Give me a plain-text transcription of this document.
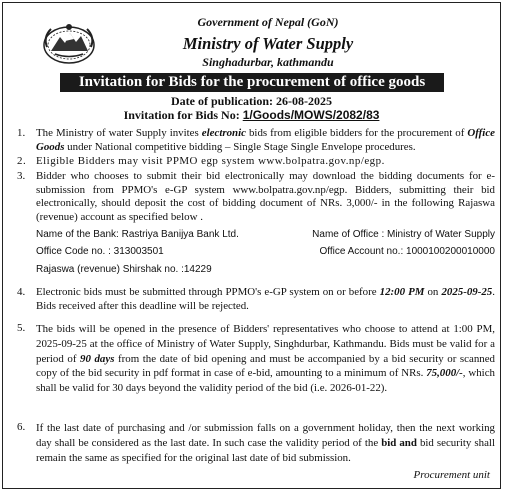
Government of Nepal (GoN)
Ministry of Water Supply
Singhadurbar, kathmandu
Invitation for Bids for the procurement of office goods
Date of publication: 26-08-2025
Invitation for Bids No: 1/Goods/MOWS/2082/83
1. The Ministry of water Supply invites electronic bids from eligible bidders for the procurement of Office Goods under National competitive bidding – Single Stage Single Envelope procedures.
2. Eligible Bidders may visit PPMO egp system www.bolpatra.gov.np/egp.
3. Bidder who chooses to submit their bid electronically may download the bidding documents for e-submission from PPMO's e-GP system www.bolpatra.gov.np/egp. Bidders, submitting their bid electronically, should deposit the cost of bidding document of NRs. 3,000/- in the following Rajaswa (revenue) account as specified below .
Name of the Bank: Rastriya Banijya Bank Ltd.	Name of Office : Ministry of Water Supply
Office Code no. : 313003501	Office Account no.: 1000100200010000
Rajaswa (revenue) Shirshak no. :14229
4. Electronic bids must be submitted through PPMO's e-GP system on or before 12:00 PM on 2025-09-25. Bids received after this deadline will be rejected.
5. The bids will be opened in the presence of Bidders' representatives who choose to attend at 1:00 PM, 2025-09-25 at the office of Ministry of Water Supply, Singhdurbar, Kathmandu. Bids must be valid for a period of 90 days from the date of bid opening and must be accompanied by a bid security or scanned copy of the bid security in pdf format in case of e-bid, amounting to a minimum of NRs. 75,000/-, which shall be valid for 30 days beyond the validity period of the bid (i.e. 2026-01-22).
6. If the last date of purchasing and /or submission falls on a government holiday, then the next working day shall be considered as the last date. In such case the validity period of the bid and bid security shall remain the same as specified for the original last date of bid submission.
Procurement unit
